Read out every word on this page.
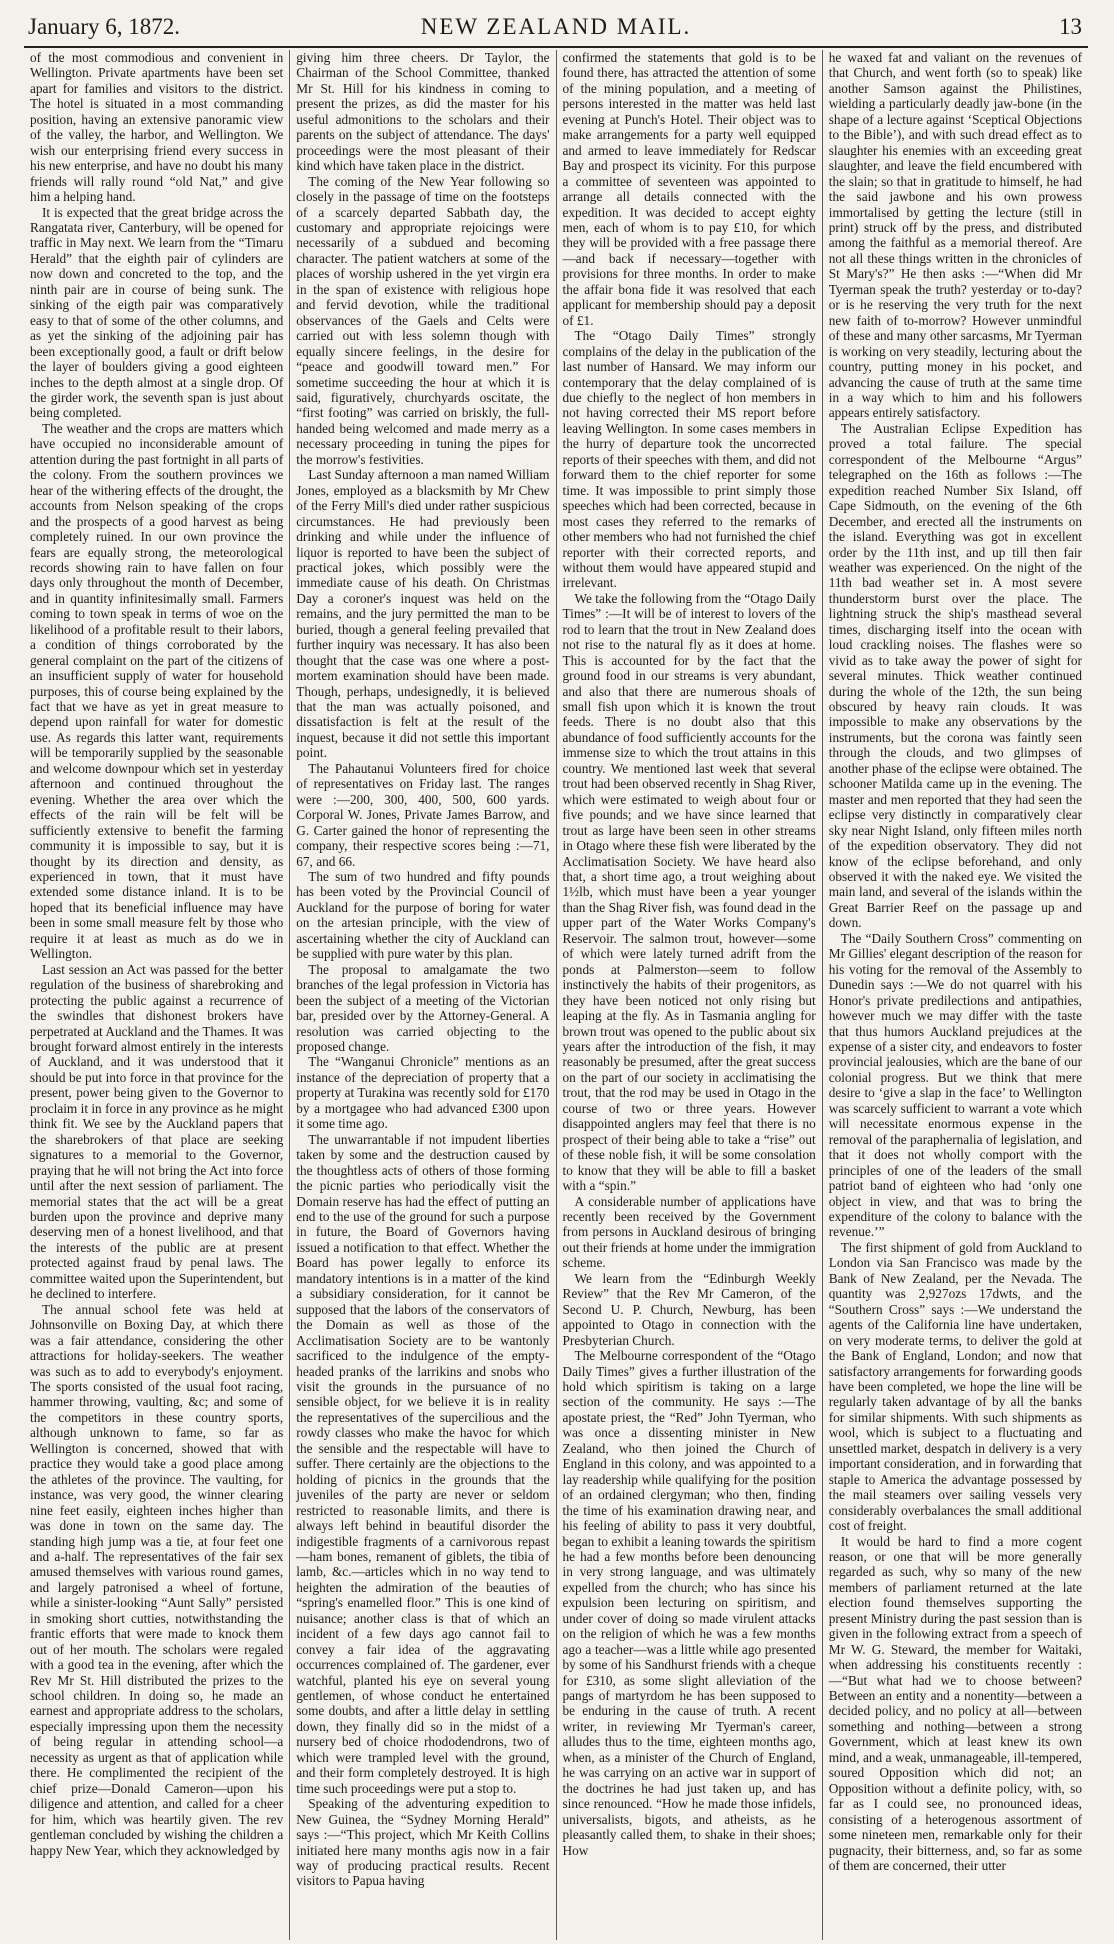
January 6, 1872.	NEW ZEALAND MAIL.	13

of the most commodious and convenient in Wellington. Private apartments have been set apart for families and visitors to the district. The hotel is situated in a most commanding position, having an extensive panoramic view of the valley, the harbor, and Wellington. We wish our enterprising friend every success in his new enterprise, and have no doubt his many friends will rally round “old Nat,” and give him a helping hand.

It is expected that the great bridge across the Rangatata river, Canterbury, will be opened for traffic in May next. We learn from the “Timaru Herald” that the eighth pair of cylinders are now down and concreted to the top, and the ninth pair are in course of being sunk. The sinking of the eigth pair was comparatively easy to that of some of the other columns, and as yet the sinking of the adjoining pair has been exceptionally good, a fault or drift below the layer of boulders giving a good eighteen inches to the depth almost at a single drop. Of the girder work, the seventh span is just about being completed.

The weather and the crops are matters which have occupied no inconsiderable amount of attention during the past fortnight in all parts of the colony. From the southern provinces we hear of the withering effects of the drought, the accounts from Nelson speaking of the crops and the prospects of a good harvest as being completely ruined. In our own province the fears are equally strong, the meteorological records showing rain to have fallen on four days only throughout the month of December, and in quantity infinitesimally small. Farmers coming to town speak in terms of woe on the likelihood of a profitable result to their labors, a condition of things corroborated by the general complaint on the part of the citizens of an insufficient supply of water for household purposes, this of course being explained by the fact that we have as yet in great measure to depend upon rainfall for water for domestic use. As regards this latter want, requirements will be temporarily supplied by the seasonable and welcome downpour which set in yesterday afternoon and continued throughout the evening. Whether the area over which the effects of the rain will be felt will be sufficiently extensive to benefit the farming community it is impossible to say, but it is thought by its direction and density, as experienced in town, that it must have extended some distance inland. It is to be hoped that its beneficial influence may have been in some small measure felt by those who require it at least as much as do we in Wellington.

Last session an Act was passed for the better regulation of the business of sharebroking and protecting the public against a recurrence of the swindles that dishonest brokers have perpetrated at Auckland and the Thames. It was brought forward almost entirely in the interests of Auckland, and it was understood that it should be put into force in that province for the present, power being given to the Governor to proclaim it in force in any province as he might think fit. We see by the Auckland papers that the sharebrokers of that place are seeking signatures to a memorial to the Governor, praying that he will not bring the Act into force until after the next session of parliament. The memorial states that the act will be a great burden upon the province and deprive many deserving men of a honest livelihood, and that the interests of the public are at present protected against fraud by penal laws. The committee waited upon the Superintendent, but he declined to interfere.

The annual school fete was held at Johnsonville on Boxing Day, at which there was a fair attendance, considering the other attractions for holiday-seekers. The weather was such as to add to everybody's enjoyment. The sports consisted of the usual foot racing, hammer throwing, vaulting, &c; and some of the competitors in these country sports, although unknown to fame, so far as Wellington is concerned, showed that with practice they would take a good place among the athletes of the province. The vaulting, for instance, was very good, the winner clearing nine feet easily, eighteen inches higher than was done in town on the same day. The standing high jump was a tie, at four feet one and a-half. The representatives of the fair sex amused themselves with various round games, and largely patronised a wheel of fortune, while a sinister-looking “Aunt Sally” persisted in smoking short cutties, notwithstanding the frantic efforts that were made to knock them out of her mouth. The scholars were regaled with a good tea in the evening, after which the Rev Mr St. Hill distributed the prizes to the school children. In doing so, he made an earnest and appropriate address to the scholars, especially impressing upon them the necessity of being regular in attending school—a necessity as urgent as that of application while there. He complimented the recipient of the chief prize—Donald Cameron—upon his diligence and attention, and called for a cheer for him, which was heartily given. The rev gentleman concluded by wishing the children a happy New Year, which they acknowledged by

giving him three cheers. Dr Taylor, the Chairman of the School Committee, thanked Mr St. Hill for his kindness in coming to present the prizes, as did the master for his useful admonitions to the scholars and their parents on the subject of attendance. The days' proceedings were the most pleasant of their kind which have taken place in the district.

The coming of the New Year following so closely in the passage of time on the footsteps of a scarcely departed Sabbath day, the customary and appropriate rejoicings were necessarily of a subdued and becoming character. The patient watchers at some of the places of worship ushered in the yet virgin era in the span of existence with religious hope and fervid devotion, while the traditional observances of the Gaels and Celts were carried out with less solemn though with equally sincere feelings, in the desire for “peace and goodwill toward men.” For sometime succeeding the hour at which it is said, figuratively, churchyards oscitate, the “first footing” was carried on briskly, the full-handed being welcomed and made merry as a necessary proceeding in tuning the pipes for the morrow's festivities.

Last Sunday afternoon a man named William Jones, employed as a blacksmith by Mr Chew of the Ferry Mill's died under rather suspicious circumstances. He had previously been drinking and while under the influence of liquor is reported to have been the subject of practical jokes, which possibly were the immediate cause of his death. On Christmas Day a coroner's inquest was held on the remains, and the jury permitted the man to be buried, though a general feeling prevailed that further inquiry was necessary. It has also been thought that the case was one where a post-mortem examination should have been made. Though, perhaps, undesignedly, it is believed that the man was actually poisoned, and dissatisfaction is felt at the result of the inquest, because it did not settle this important point.

The Pahautanui Volunteers fired for choice of representatives on Friday last. The ranges were :—200, 300, 400, 500, 600 yards. Corporal W. Jones, Private James Barrow, and G. Carter gained the honor of representing the company, their respective scores being :—71, 67, and 66.

The sum of two hundred and fifty pounds has been voted by the Provincial Council of Auckland for the purpose of boring for water on the artesian principle, with the view of ascertaining whether the city of Auckland can be supplied with pure water by this plan.

The proposal to amalgamate the two branches of the legal profession in Victoria has been the subject of a meeting of the Victorian bar, presided over by the Attorney-General. A resolution was carried objecting to the proposed change.

The “Wanganui Chronicle” mentions as an instance of the depreciation of property that a property at Turakina was recently sold for £170 by a mortgagee who had advanced £300 upon it some time ago.

The unwarrantable if not impudent liberties taken by some and the destruction caused by the thoughtless acts of others of those forming the picnic parties who periodically visit the Domain reserve has had the effect of putting an end to the use of the ground for such a purpose in future, the Board of Governors having issued a notification to that effect. Whether the Board has power legally to enforce its mandatory intentions is in a matter of the kind a subsidiary consideration, for it cannot be supposed that the labors of the conservators of the Domain as well as those of the Acclimatisation Society are to be wantonly sacrificed to the indulgence of the empty-headed pranks of the larrikins and snobs who visit the grounds in the pursuance of no sensible object, for we believe it is in reality the representatives of the supercilious and the rowdy classes who make the havoc for which the sensible and the respectable will have to suffer. There certainly are the objections to the holding of picnics in the grounds that the juveniles of the party are never or seldom restricted to reasonable limits, and there is always left behind in beautiful disorder the indigestible fragments of a carnivorous repast—ham bones, remanent of giblets, the tibia of lamb, &c.—articles which in no way tend to heighten the admiration of the beauties of “spring's enamelled floor.” This is one kind of nuisance; another class is that of which an incident of a few days ago cannot fail to convey a fair idea of the aggravating occurrences complained of. The gardener, ever watchful, planted his eye on several young gentlemen, of whose conduct he entertained some doubts, and after a little delay in settling down, they finally did so in the midst of a nursery bed of choice rhododendrons, two of which were trampled level with the ground, and their form completely destroyed. It is high time such proceedings were put a stop to.

Speaking of the adventuring expedition to New Guinea, the “Sydney Morning Herald” says :—“This project, which Mr Keith Collins initiated here many months agis now in a fair way of producing practical results. Recent visitors to Papua having

confirmed the statements that gold is to be found there, has attracted the attention of some of the mining population, and a meeting of persons interested in the matter was held last evening at Punch's Hotel. Their object was to make arrangements for a party well equipped and armed to leave immediately for Redscar Bay and prospect its vicinity. For this purpose a committee of seventeen was appointed to arrange all details connected with the expedition. It was decided to accept eighty men, each of whom is to pay £10, for which they will be provided with a free passage there—and back if necessary—together with provisions for three months. In order to make the affair bona fide it was resolved that each applicant for membership should pay a deposit of £1.

The “Otago Daily Times” strongly complains of the delay in the publication of the last number of Hansard. We may inform our contemporary that the delay complained of is due chiefly to the neglect of hon members in not having corrected their MS report before leaving Wellington. In some cases members in the hurry of departure took the uncorrected reports of their speeches with them, and did not forward them to the chief reporter for some time. It was impossible to print simply those speeches which had been corrected, because in most cases they referred to the remarks of other members who had not furnished the chief reporter with their corrected reports, and without them would have appeared stupid and irrelevant.

We take the following from the “Otago Daily Times” :—It will be of interest to lovers of the rod to learn that the trout in New Zealand does not rise to the natural fly as it does at home. This is accounted for by the fact that the ground food in our streams is very abundant, and also that there are numerous shoals of small fish upon which it is known the trout feeds. There is no doubt also that this abundance of food sufficiently accounts for the immense size to which the trout attains in this country. We mentioned last week that several trout had been observed recently in Shag River, which were estimated to weigh about four or five pounds; and we have since learned that trout as large have been seen in other streams in Otago where these fish were liberated by the Acclimatisation Society. We have heard also that, a short time ago, a trout weighing about 1½lb, which must have been a year younger than the Shag River fish, was found dead in the upper part of the Water Works Company's Reservoir. The salmon trout, however—some of which were lately turned adrift from the ponds at Palmerston—seem to follow instinctively the habits of their progenitors, as they have been noticed not only rising but leaping at the fly. As in Tasmania angling for brown trout was opened to the public about six years after the introduction of the fish, it may reasonably be presumed, after the great success on the part of our society in acclimatising the trout, that the rod may be used in Otago in the course of two or three years. However disappointed anglers may feel that there is no prospect of their being able to take a “rise” out of these noble fish, it will be some consolation to know that they will be able to fill a basket with a “spin.”

A considerable number of applications have recently been received by the Government from persons in Auckland desirous of bringing out their friends at home under the immigration scheme.

We learn from the “Edinburgh Weekly Review” that the Rev Mr Cameron, of the Second U. P. Church, Newburg, has been appointed to Otago in connection with the Presbyterian Church.

The Melbourne correspondent of the “Otago Daily Times” gives a further illustration of the hold which spiritism is taking on a large section of the community. He says :—The apostate priest, the “Red” John Tyerman, who was once a dissenting minister in New Zealand, who then joined the Church of England in this colony, and was appointed to a lay readership while qualifying for the position of an ordained clergyman; who then, finding the time of his examination drawing near, and his feeling of ability to pass it very doubtful, began to exhibit a leaning towards the spiritism he had a few months before been denouncing in very strong language, and was ultimately expelled from the church; who has since his expulsion been lecturing on spiritism, and under cover of doing so made virulent attacks on the religion of which he was a few months ago a teacher—was a little while ago presented by some of his Sandhurst friends with a cheque for £310, as some slight alleviation of the pangs of martyrdom he has been supposed to be enduring in the cause of truth. A recent writer, in reviewing Mr Tyerman's career, alludes thus to the time, eighteen months ago, when, as a minister of the Church of England, he was carrying on an active war in support of the doctrines he had just taken up, and has since renounced. “How he made those infidels, universalists, bigots, and atheists, as he pleasantly called them, to shake in their shoes; How

he waxed fat and valiant on the revenues of that Church, and went forth (so to speak) like another Samson against the Philistines, wielding a particularly deadly jaw-bone (in the shape of a lecture against ‘Sceptical Objections to the Bible’), and with such dread effect as to slaughter his enemies with an exceeding great slaughter, and leave the field encumbered with the slain; so that in gratitude to himself, he had the said jawbone and his own prowess immortalised by getting the lecture (still in print) struck off by the press, and distributed among the faithful as a memorial thereof. Are not all these things written in the chronicles of St Mary's?” He then asks :—“When did Mr Tyerman speak the truth? yesterday or to-day? or is he reserving the very truth for the next new faith of to-morrow? However unmindful of these and many other sarcasms, Mr Tyerman is working on very steadily, lecturing about the country, putting money in his pocket, and advancing the cause of truth at the same time in a way which to him and his followers appears entirely satisfactory.

The Australian Eclipse Expedition has proved a total failure. The special correspondent of the Melbourne “Argus” telegraphed on the 16th as follows :—The expedition reached Number Six Island, off Cape Sidmouth, on the evening of the 6th December, and erected all the instruments on the island. Everything was got in excellent order by the 11th inst, and up till then fair weather was experienced. On the night of the 11th bad weather set in. A most severe thunderstorm burst over the place. The lightning struck the ship's masthead several times, discharging itself into the ocean with loud crackling noises. The flashes were so vivid as to take away the power of sight for several minutes. Thick weather continued during the whole of the 12th, the sun being obscured by heavy rain clouds. It was impossible to make any observations by the instruments, but the corona was faintly seen through the clouds, and two glimpses of another phase of the eclipse were obtained. The schooner Matilda came up in the evening. The master and men reported that they had seen the eclipse very distinctly in comparatively clear sky near Night Island, only fifteen miles north of the expedition observatory. They did not know of the eclipse beforehand, and only observed it with the naked eye. We visited the main land, and several of the islands within the Great Barrier Reef on the passage up and down.

The “Daily Southern Cross” commenting on Mr Gillies' elegant description of the reason for his voting for the removal of the Assembly to Dunedin says :—We do not quarrel with his Honor's private predilections and antipathies, however much we may differ with the taste that thus humors Auckland prejudices at the expense of a sister city, and endeavors to foster provincial jealousies, which are the bane of our colonial progress. But we think that mere desire to ‘give a slap in the face’ to Wellington was scarcely sufficient to warrant a vote which will necessitate enormous expense in the removal of the paraphernalia of legislation, and that it does not wholly comport with the principles of one of the leaders of the small patriot band of eighteen who had ‘only one object in view, and that was to bring the expenditure of the colony to balance with the revenue.’”

The first shipment of gold from Auckland to London via San Francisco was made by the Bank of New Zealand, per the Nevada. The quantity was 2,927ozs 17dwts, and the “Southern Cross” says :—We understand the agents of the California line have undertaken, on very moderate terms, to deliver the gold at the Bank of England, London; and now that satisfactory arrangements for forwarding goods have been completed, we hope the line will be regularly taken advantage of by all the banks for similar shipments. With such shipments as wool, which is subject to a fluctuating and unsettled market, despatch in delivery is a very important consideration, and in forwarding that staple to America the advantage possessed by the mail steamers over sailing vessels very considerably overbalances the small additional cost of freight.

It would be hard to find a more cogent reason, or one that will be more generally regarded as such, why so many of the new members of parliament returned at the late election found themselves supporting the present Ministry during the past session than is given in the following extract from a speech of Mr W. G. Steward, the member for Waitaki, when addressing his constituents recently :—“But what had we to choose between? Between an entity and a nonentity—between a decided policy, and no policy at all—between something and nothing—between a strong Government, which at least knew its own mind, and a weak, unmanageable, ill-tempered, soured Opposition which did not; an Opposition without a definite policy, with, so far as I could see, no pronounced ideas, consisting of a heterogenous assortment of some nineteen men, remarkable only for their pugnacity, their bitterness, and, so far as some of them are concerned, their utter
